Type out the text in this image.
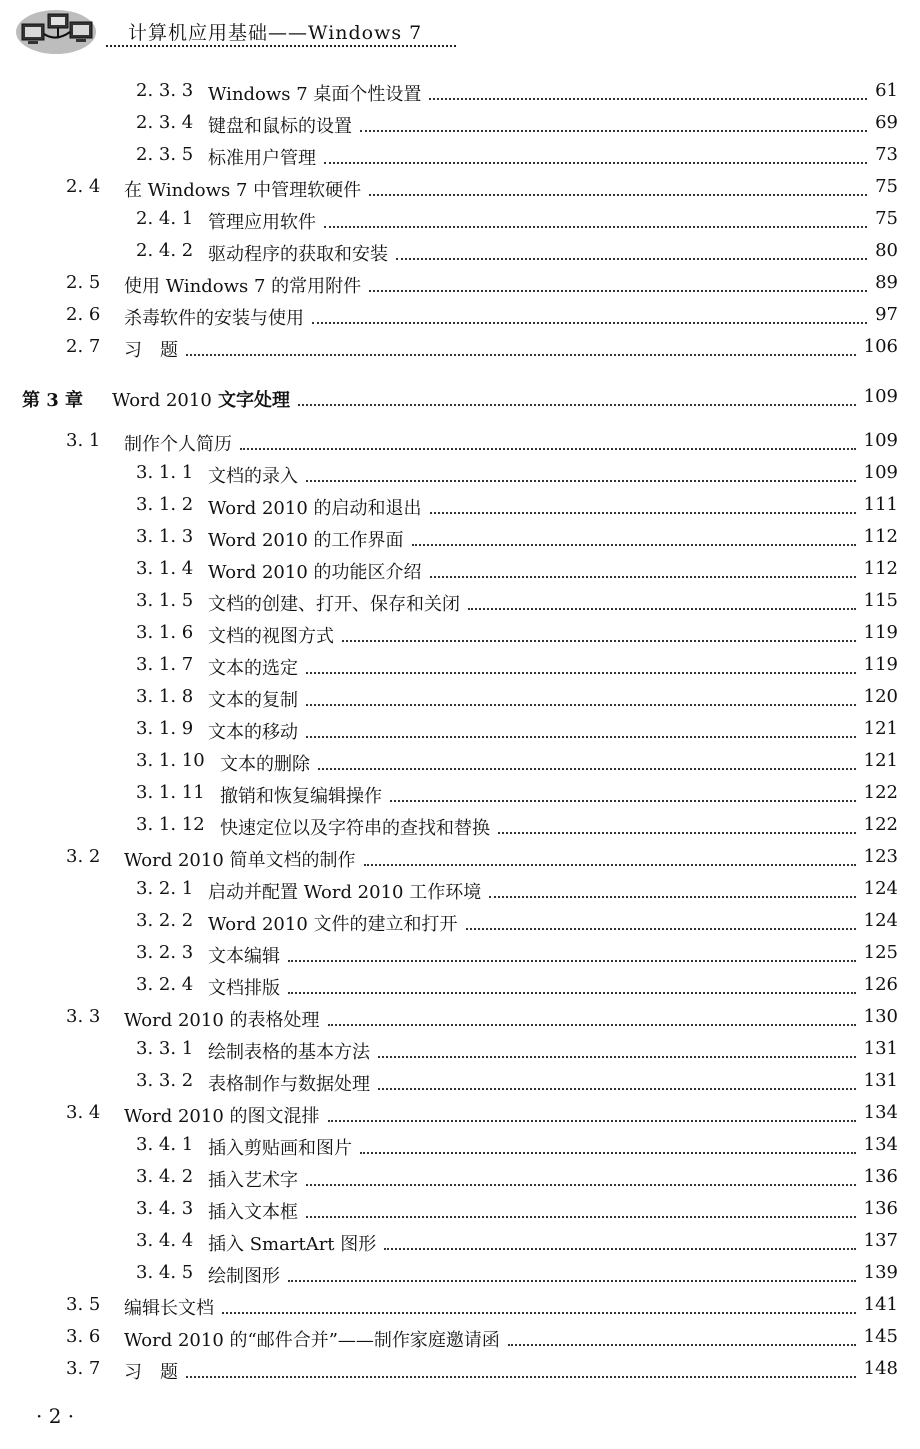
计算机应用基础——Windows 7
2. 3. 3 Windows 7 桌面个性设置	61
2. 3. 4 键盘和鼠标的设置	69
2. 3. 5 标准用户管理	73
2. 4 在 Windows 7 中管理软硬件	75
2. 4. 1 管理应用软件	75
2. 4. 2 驱动程序的获取和安装	80
2. 5 使用 Windows 7 的常用附件	89
2. 6 杀毒软件的安装与使用	97
2. 7 习　题	106
第 3 章 Word 2010 文字处理	109
3. 1 制作个人简历	109
3. 1. 1 文档的录入	109
3. 1. 2 Word 2010 的启动和退出	111
3. 1. 3 Word 2010 的工作界面	112
3. 1. 4 Word 2010 的功能区介绍	112
3. 1. 5 文档的创建、打开、保存和关闭	115
3. 1. 6 文档的视图方式	119
3. 1. 7 文本的选定	119
3. 1. 8 文本的复制	120
3. 1. 9 文本的移动	121
3. 1. 10 文本的删除	121
3. 1. 11 撤销和恢复编辑操作	122
3. 1. 12 快速定位以及字符串的查找和替换	122
3. 2 Word 2010 简单文档的制作	123
3. 2. 1 启动并配置 Word 2010 工作环境	124
3. 2. 2 Word 2010 文件的建立和打开	124
3. 2. 3 文本编辑	125
3. 2. 4 文档排版	126
3. 3 Word 2010 的表格处理	130
3. 3. 1 绘制表格的基本方法	131
3. 3. 2 表格制作与数据处理	131
3. 4 Word 2010 的图文混排	134
3. 4. 1 插入剪贴画和图片	134
3. 4. 2 插入艺术字	136
3. 4. 3 插入文本框	136
3. 4. 4 插入 SmartArt 图形	137
3. 4. 5 绘制图形	139
3. 5 编辑长文档	141
3. 6 Word 2010 的“邮件合并”——制作家庭邀请函	145
3. 7 习　题	148
· 2 ·
